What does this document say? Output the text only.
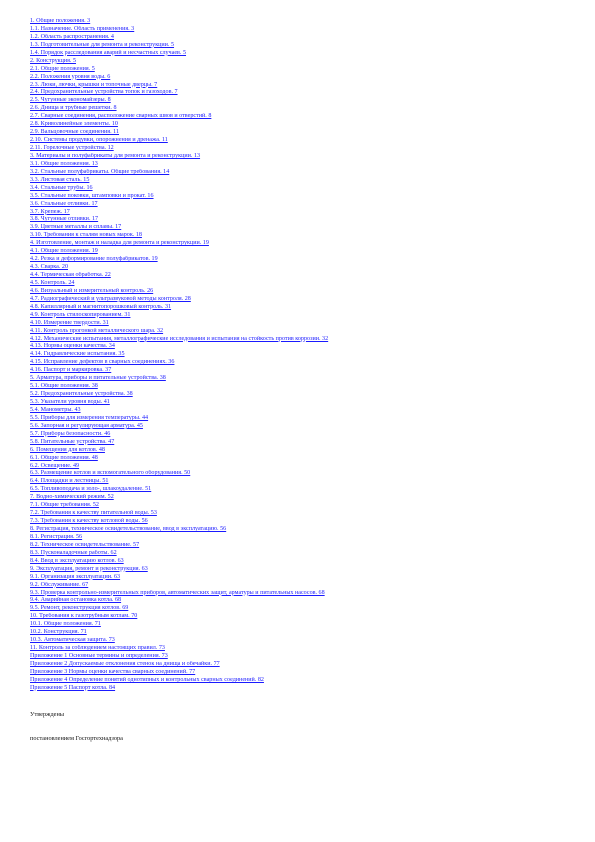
1. Общие положения. 3
1.1. Назначение. Область применения. 3
1.2. Область распространения. 4
1.3. Подготовительные для ремонта и реконструкции. 5
1.4. Порядок расследования аварий и несчастных случаев. 5
2. Конструкция. 5
2.1. Общие положения. 5
2.2. Положения уровня воды. 6
2.3. Люки, лючки, крышки и топочные дверцы. 7
2.4. Предохранительные устройства топок и газоходов. 7
2.5. Чугунные экономайзеры. 8
2.6. Днища и трубные решетки. 8
2.7. Сварные соединения, расположение сварных швов и отверстий. 8
2.8. Криволинейные элементы. 10
2.9. Вальцовочные соединения. 11
2.10. Системы продувки, опорожнения и дренажа. 11
2.11. Горелочные устройства. 12
3. Материалы и полуфабрикаты для ремонта и реконструкции. 13
3.1. Общие положения. 13
3.2. Стальные полуфабрикаты. Общие требования. 14
3.3. Листовая сталь. 15
3.4. Стальные трубы. 16
3.5. Стальные поковки, штамповки и прокат. 16
3.6. Стальные отливки. 17
3.7. Крепеж. 17
3.8. Чугунные отливки. 17
3.9. Цветные металлы и сплавы. 17
3.10. Требования к сталям новых марок. 18
4. Изготовление, монтаж и наладка для ремонта и реконструкции. 19
4.1. Общие положения. 19
4.2. Резка и деформирование полуфабрикатов. 19
4.3. Сварка. 20
4.4. Термическая обработка. 22
4.5. Контроль. 24
4.6. Визуальный и измерительный контроль. 26
4.7. Радиографический и ультразвуковой методы контроля. 28
4.8. Капиллярный и магнитопорошковый контроль. 31
4.9. Контроль стилоскопированием. 31
4.10. Измерение твердости. 31
4.11. Контроль прогонкой металлического шара. 32
4.12. Механические испытания, металлографические исследования и испытания на стойкость против коррозии. 32
4.13. Нормы оценки качества. 34
4.14. Гидравлические испытания. 35
4.15. Исправление дефектов в сварных соединениях. 36
4.16. Паспорт и маркировка. 37
5. Арматура, приборы и питательные устройства. 38
5.1. Общие положения. 38
5.2. Предохранительные устройства. 38
5.3. Указатели уровня воды. 41
5.4. Манометры. 43
5.5. Приборы для измерения температуры. 44
5.6. Запорная и регулирующая арматура. 45
5.7. Приборы безопасности. 46
5.8. Питательные устройства. 47
6. Помещения для котлов. 48
6.1. Общие положения. 48
6.2. Освещение. 49
6.3. Размещение котлов и вспомогательного оборудования. 50
6.4. Площадки и лестницы. 51
6.5. Топливоподача и золо-, шлакоудаление. 51
7. Водно-химический режим. 52
7.1. Общие требования. 52
7.2. Требования к качеству питательной воды. 53
7.3. Требования к качеству котловой воды. 56
8. Регистрация, техническое освидетельствование, ввод в эксплуатацию. 56
8.1. Регистрация. 56
8.2. Техническое освидетельствование. 57
8.3. Пусконаладочные работы. 62
8.4. Ввод в эксплуатацию котлов. 63
9. Эксплуатация, ремонт и реконструкция. 63
9.1. Организация эксплуатации. 63
9.2. Обслуживание. 67
9.3. Проверка контрольно-измерительных приборов, автоматических защит, арматуры и питательных насосов. 68
9.4. Аварийная остановка котла. 68
9.5. Ремонт, реконструкция котлов. 69
10. Требования к газотрубным котлам. 70
10.1. Общие положения. 71
10.2. Конструкция. 71
10.3. Автоматическая защита. 73
11. Контроль за соблюдением настоящих правил. 73
Приложение 1 Основные термины и определения. 73
Приложение 2 Допускаемые отклонения стенок на днища и обечайки. 77
Приложение 3 Нормы оценки качества сварных соединений. 77
Приложение 4 Определение понятий однотипных и контрольных сварных соединений. 82
Приложение 5 Паспорт котла. 84
Утверждены
постановлением Госгортехнадзора
